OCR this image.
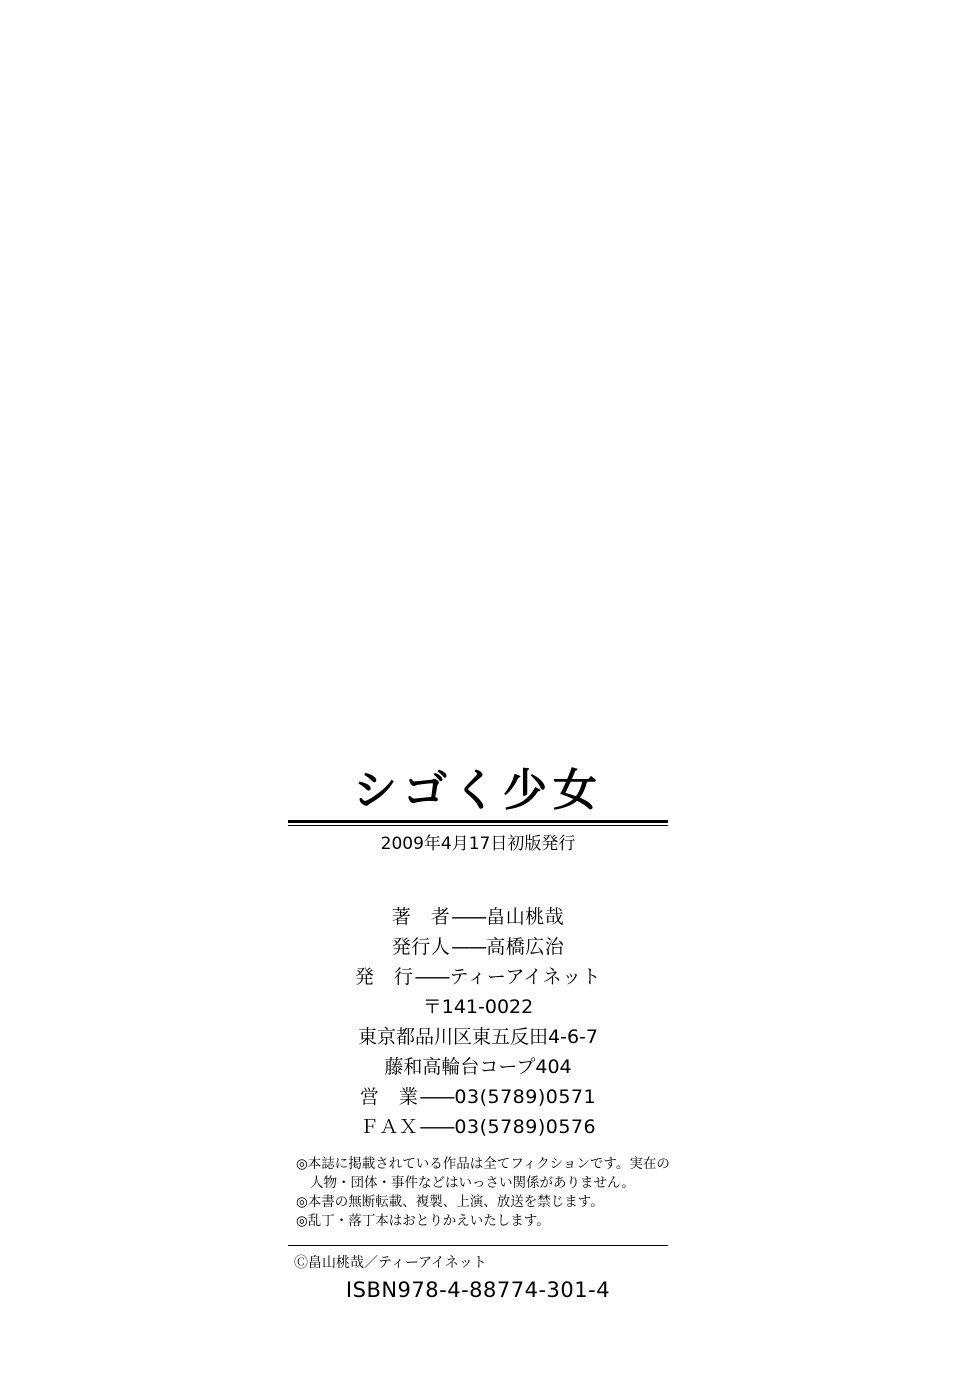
シゴく少女
2009年4月17日初版発行
著　者 —— 畠山桃哉
発行人 —— 高橋広治
発　行 —— ティーアイネット
〒141-0022
東京都品川区東五反田4-6-7
藤和高輪台コープ404
営　業 —— 03(5789)0571
ＦＡＸ —— 03(5789)0576
◎本誌に掲載されている作品は全てフィクションです。実在の
人物・団体・事件などはいっさい関係がありません。
◎本書の無断転載、複製、上演、放送を禁じます。
◎乱丁・落丁本はおとりかえいたします。
Ⓒ畠山桃哉／ティーアイネット
ISBN978-4-88774-301-4
